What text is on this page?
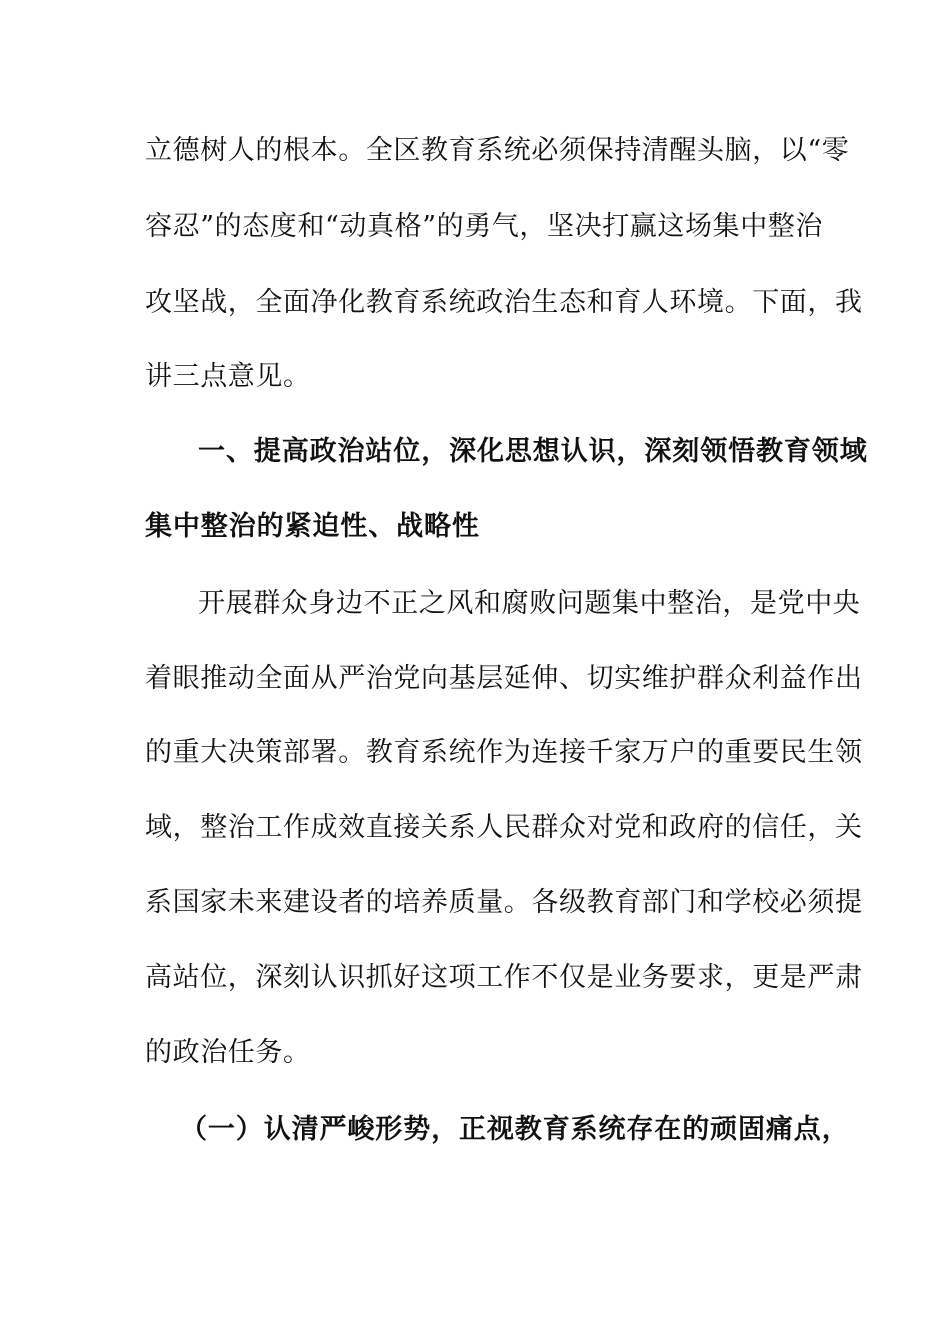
立德树人的根本。全区教育系统必须保持清醒头脑，以“零
容忍”的态度和“动真格”的勇气，坚决打赢这场集中整治
攻坚战，全面净化教育系统政治生态和育人环境。下面，我
讲三点意见。
一、提高政治站位，深化思想认识，深刻领悟教育领域
集中整治的紧迫性、战略性
开展群众身边不正之风和腐败问题集中整治，是党中央
着眼推动全面从严治党向基层延伸、切实维护群众利益作出
的重大决策部署。教育系统作为连接千家万户的重要民生领
域，整治工作成效直接关系人民群众对党和政府的信任，关
系国家未来建设者的培养质量。各级教育部门和学校必须提
高站位，深刻认识抓好这项工作不仅是业务要求，更是严肃
的政治任务。
（一）认清严峻形势，正视教育系统存在的顽固痛点，
